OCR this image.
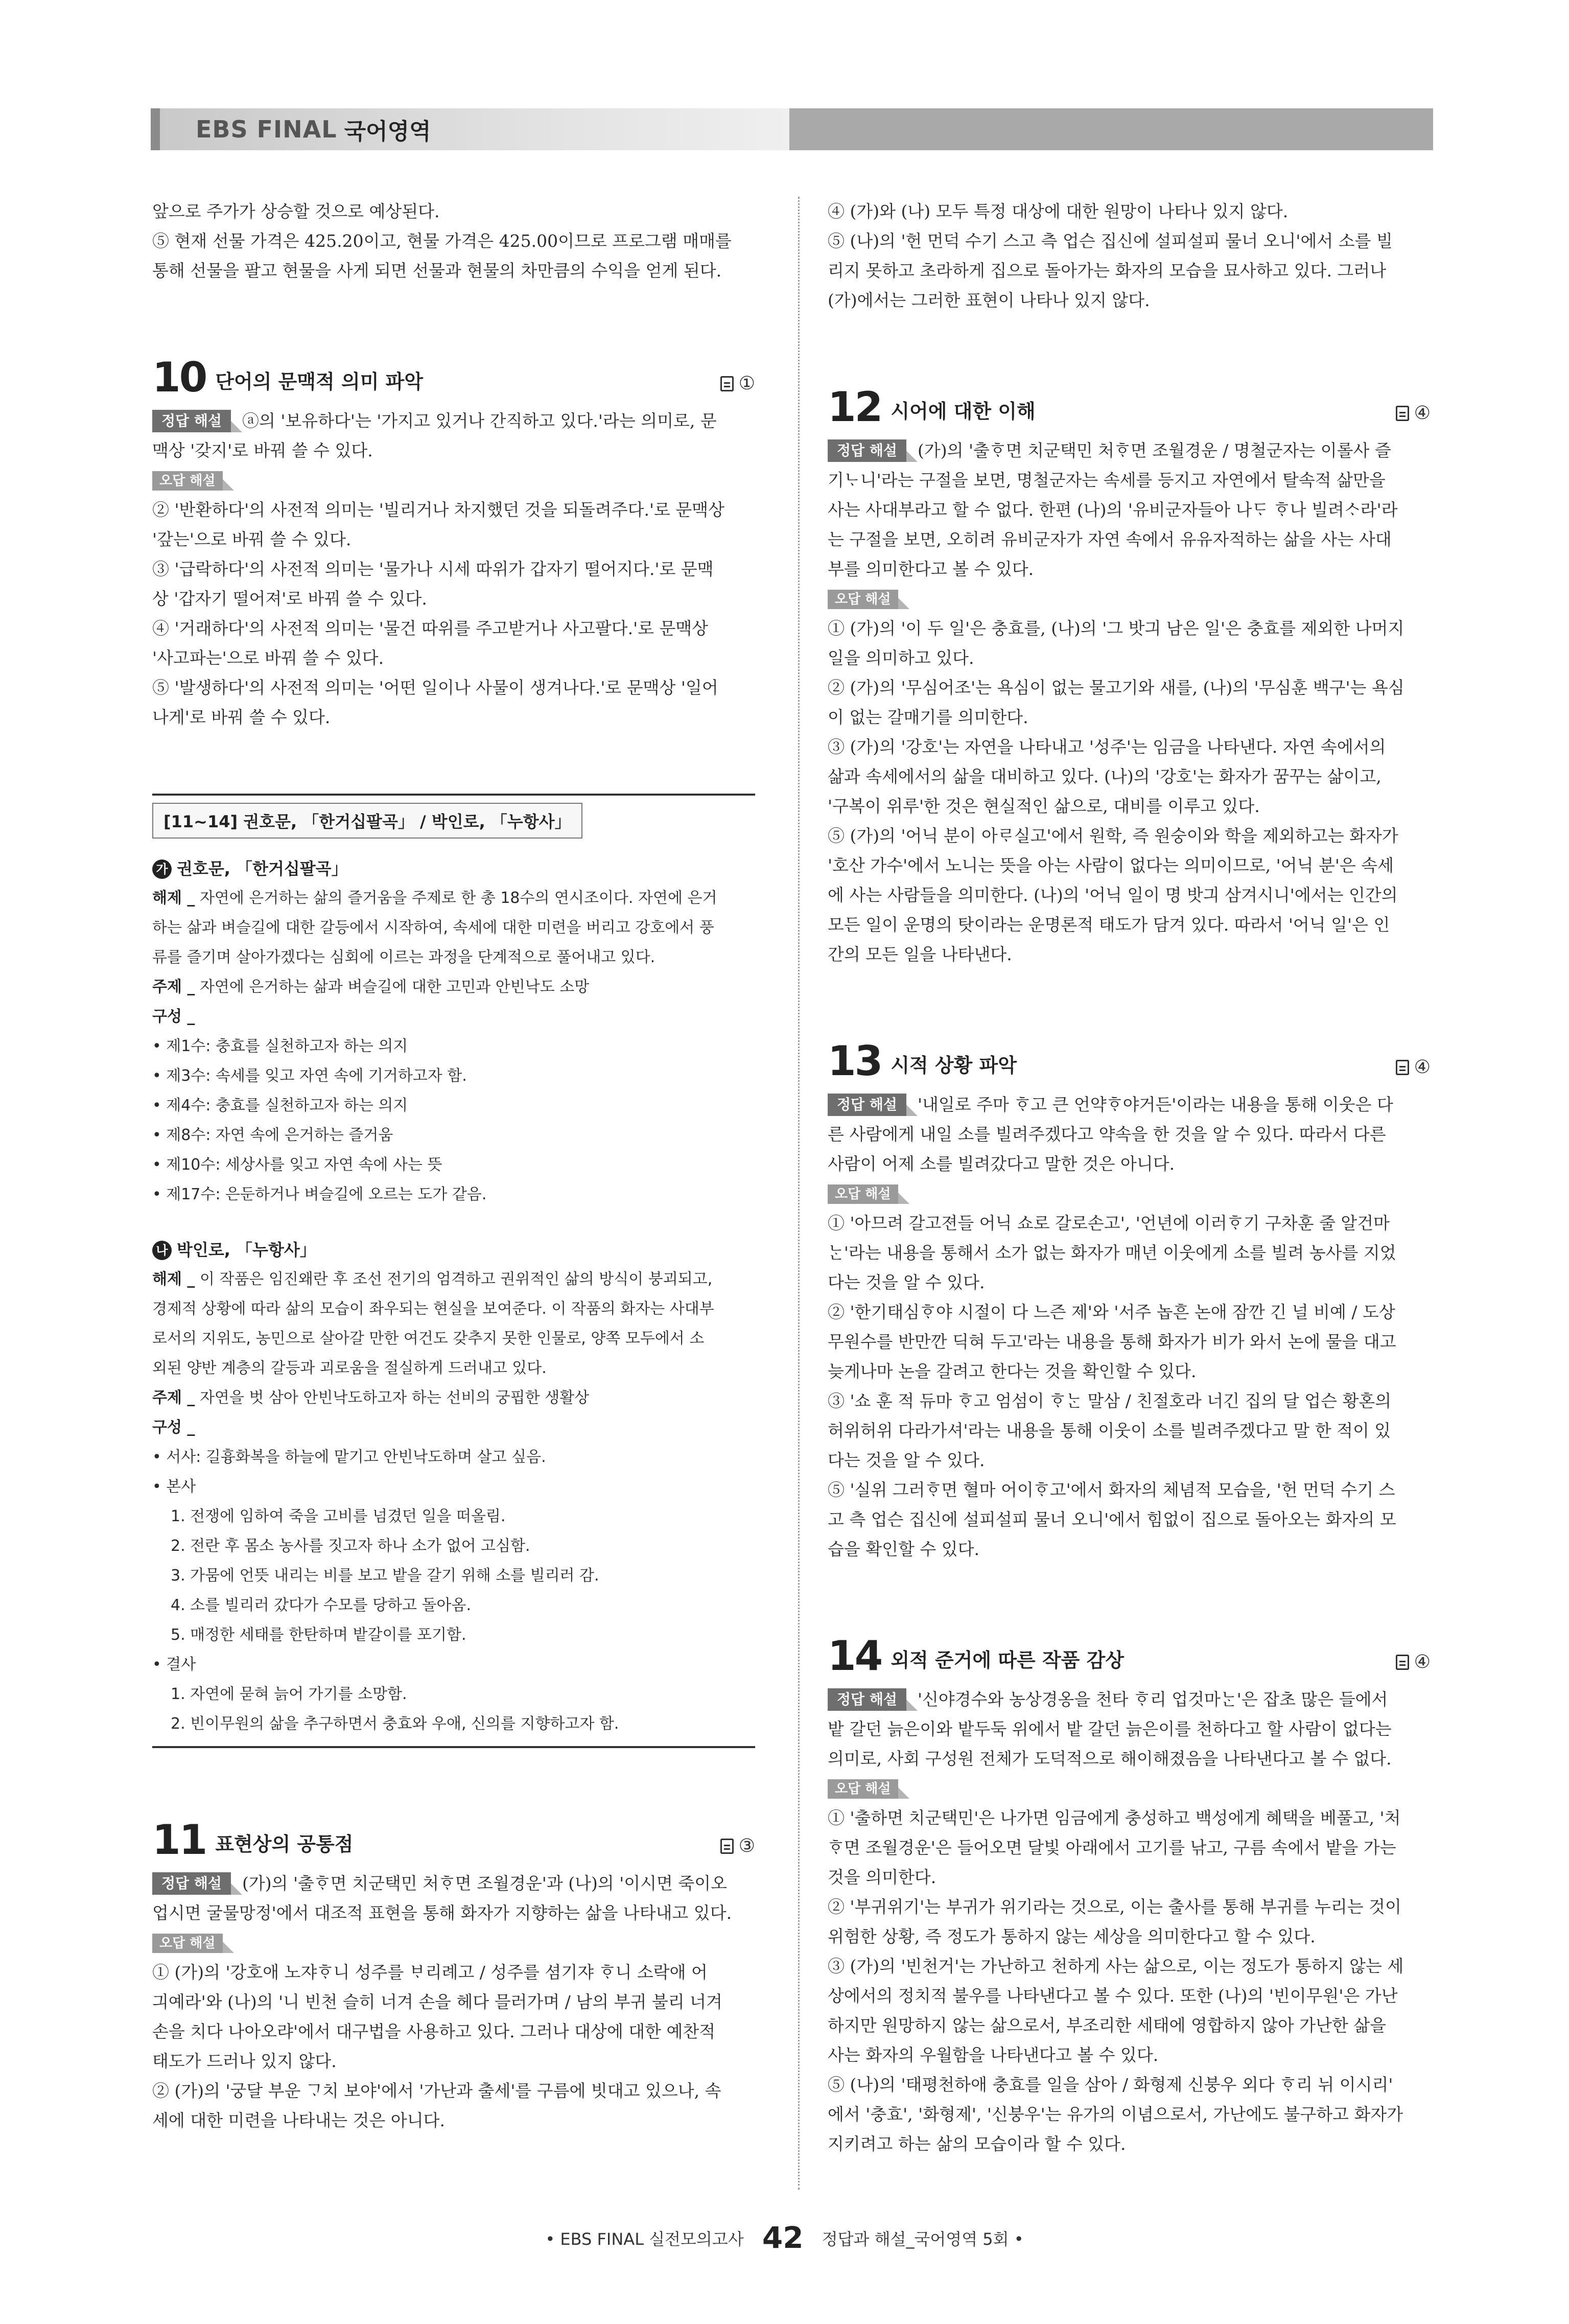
EBS FINAL 국어영역

앞으로 주가가 상승할 것으로 예상된다.

⑤ 현재 선물 가격은 425.20이고, 현물 가격은 425.00이므로 프로그램 매매를

통해 선물을 팔고 현물을 사게 되면 선물과 현물의 차만큼의 수익을 얻게 된다.

10 단어의 문맥적 의미 파악	①

정답 해설 ⓐ의 '보유하다'는 '가지고 있거나 간직하고 있다.'라는 의미로, 문

맥상 '갖지'로 바꿔 쓸 수 있다.

오답 해설

② '반환하다'의 사전적 의미는 '빌리거나 차지했던 것을 되돌려주다.'로 문맥상

'갚는'으로 바꿔 쓸 수 있다.

③ '급락하다'의 사전적 의미는 '물가나 시세 따위가 갑자기 떨어지다.'로 문맥

상 '갑자기 떨어져'로 바꿔 쓸 수 있다.

④ '거래하다'의 사전적 의미는 '물건 따위를 주고받거나 사고팔다.'로 문맥상

'사고파는'으로 바꿔 쓸 수 있다.

⑤ '발생하다'의 사전적 의미는 '어떤 일이나 사물이 생겨나다.'로 문맥상 '일어

나게'로 바꿔 쓸 수 있다.

[11~14] 권호문, 「한거십팔곡」 / 박인로, 「누항사」
가 권호문, 「한거십팔곡」

해제 _ 자연에 은거하는 삶의 즐거움을 주제로 한 총 18수의 연시조이다. 자연에 은거

하는 삶과 벼슬길에 대한 갈등에서 시작하여, 속세에 대한 미련을 버리고 강호에서 풍

류를 즐기며 살아가겠다는 심회에 이르는 과정을 단계적으로 풀어내고 있다.

주제 _ 자연에 은거하는 삶과 벼슬길에 대한 고민과 안빈낙도 소망

구성 _

• 제1수: 충효를 실천하고자 하는 의지

• 제3수: 속세를 잊고 자연 속에 기거하고자 함.

• 제4수: 충효를 실천하고자 하는 의지

• 제8수: 자연 속에 은거하는 즐거움

• 제10수: 세상사를 잊고 자연 속에 사는 뜻

• 제17수: 은둔하거나 벼슬길에 오르는 도가 같음.

나 박인로, 「누항사」

해제 _ 이 작품은 임진왜란 후 조선 전기의 엄격하고 권위적인 삶의 방식이 붕괴되고,

경제적 상황에 따라 삶의 모습이 좌우되는 현실을 보여준다. 이 작품의 화자는 사대부

로서의 지위도, 농민으로 살아갈 만한 여건도 갖추지 못한 인물로, 양쪽 모두에서 소

외된 양반 계층의 갈등과 괴로움을 절실하게 드러내고 있다.

주제 _ 자연을 벗 삼아 안빈낙도하고자 하는 선비의 궁핍한 생활상

구성 _

• 서사: 길흉화복을 하늘에 맡기고 안빈낙도하며 살고 싶음.

• 본사

1. 전쟁에 임하여 죽을 고비를 넘겼던 일을 떠올림.

2. 전란 후 몸소 농사를 짓고자 하나 소가 없어 고심함.

3. 가뭄에 언뜻 내리는 비를 보고 밭을 갈기 위해 소를 빌리러 감.

4. 소를 빌리러 갔다가 수모를 당하고 돌아옴.

5. 매정한 세태를 한탄하며 밭갈이를 포기함.

• 결사

1. 자연에 묻혀 늙어 가기를 소망함.

2. 빈이무원의 삶을 추구하면서 충효와 우애, 신의를 지향하고자 함.

11 표현상의 공통점	③

정답 해설 (가)의 '출ᄒᆞ면 치군택민 처ᄒᆞ면 조월경운'과 (나)의 '이시면 죽이오

업시면 굴물망정'에서 대조적 표현을 통해 화자가 지향하는 삶을 나타내고 있다.

오답 해설

① (가)의 '강호애 노쟈ᄒᆞ니 성주를 ᄇᆞ리례고 / 성주를 셤기쟈 ᄒᆞ니 소락애 어

긔예라'와 (나)의 '니 빈천 슬히 너겨 손을 헤다 믈러가며 / 남의 부귀 불리 너겨

손을 치다 나아오랴'에서 대구법을 사용하고 있다. 그러나 대상에 대한 예찬적

태도가 드러나 있지 않다.

② (가)의 '궁달 부운 ᄀᆞ치 보야'에서 '가난과 출세'를 구름에 빗대고 있으나, 속

세에 대한 미련을 나타내는 것은 아니다.

④ (가)와 (나) 모두 특정 대상에 대한 원망이 나타나 있지 않다.

⑤ (나)의 '헌 먼덕 수기 스고 측 업슨 집신에 설피설피 물너 오니'에서 소를 빌

리지 못하고 초라하게 집으로 돌아가는 화자의 모습을 묘사하고 있다. 그러나

(가)에서는 그러한 표현이 나타나 있지 않다.

12 시어에 대한 이해	④

정답 해설 (가)의 '출ᄒᆞ면 치군택민 처ᄒᆞ면 조월경운 / 명철군자는 이롤사 즐

기ᄂᆞ니'라는 구절을 보면, 명철군자는 속세를 등지고 자연에서 탈속적 삶만을

사는 사대부라고 할 수 없다. 한편 (나)의 '유비군자들아 나ᄃᆞ ᄒᆞ나 빌려ᄉᆞ라'라

는 구절을 보면, 오히려 유비군자가 자연 속에서 유유자적하는 삶을 사는 사대

부를 의미한다고 볼 수 있다.

오답 해설

① (가)의 '이 두 일'은 충효를, (나)의 '그 밧긔 남은 일'은 충효를 제외한 나머지

일을 의미하고 있다.

② (가)의 '무심어조'는 욕심이 없는 물고기와 새를, (나)의 '무심훈 백구'는 욕심

이 없는 갈매기를 의미한다.

③ (가)의 '강호'는 자연을 나타내고 '성주'는 임금을 나타낸다. 자연 속에서의

삶과 속세에서의 삶을 대비하고 있다. (나)의 '강호'는 화자가 꿈꾸는 삶이고,

'구복이 위루'한 것은 현실적인 삶으로, 대비를 이루고 있다.

⑤ (가)의 '어닉 분이 아ᄅᆞ실고'에서 원학, 즉 원숭이와 학을 제외하고는 화자가

'호산 가수'에서 노니는 뜻을 아는 사람이 없다는 의미이므로, '어닉 분'은 속세

에 사는 사람들을 의미한다. (나)의 '어닉 일이 명 밧긔 삼겨시니'에서는 인간의

모든 일이 운명의 탓이라는 운명론적 태도가 담겨 있다. 따라서 '어닉 일'은 인

간의 모든 일을 나타낸다.

13 시적 상황 파악	④

정답 해설 '내일로 주마 ᄒᆞ고 큰 언약ᄒᆞ야거든'이라는 내용을 통해 이웃은 다

른 사람에게 내일 소를 빌려주겠다고 약속을 한 것을 알 수 있다. 따라서 다른

사람이 어제 소를 빌려갔다고 말한 것은 아니다.

오답 해설

① '아므려 갈고젼들 어닉 쇼로 갈로손고', '언년에 이러ᄒᆞ기 구차훈 줄 알건마

ᄂᆞᆫ'라는 내용을 통해서 소가 없는 화자가 매년 이웃에게 소를 빌려 농사를 지었

다는 것을 알 수 있다.

② '한기태심ᄒᆞ야 시절이 다 느즌 제'와 '서주 놉흔 논애 잠깐 긴 널 비예 / 도상

무원수를 반만깐 딕혀 두고'라는 내용을 통해 화자가 비가 와서 논에 물을 대고

늦게나마 논을 갈려고 한다는 것을 확인할 수 있다.

③ '쇼 훈 적 듀마 ᄒᆞ고 엄섬이 ᄒᆞᄂᆞᆫ 말삼 / 친절호라 너긴 집의 달 업슨 황혼의

허위허위 다라가셔'라는 내용을 통해 이웃이 소를 빌려주겠다고 말 한 적이 있

다는 것을 알 수 있다.

⑤ '실위 그러ᄒᆞ면 혈마 어이ᄒᆞ고'에서 화자의 체념적 모습을, '헌 먼덕 수기 스

고 측 업슨 집신에 설피설피 물너 오니'에서 힘없이 집으로 돌아오는 화자의 모

습을 확인할 수 있다.

14 외적 준거에 따른 작품 감상	④

정답 해설 '신야경수와 농상경옹을 천타 ᄒᆞ리 업것마ᄂᆞᆫ'은 잡초 많은 들에서

밭 갈던 늙은이와 밭두둑 위에서 밭 갈던 늙은이를 천하다고 할 사람이 없다는

의미로, 사회 구성원 전체가 도덕적으로 해이해졌음을 나타낸다고 볼 수 없다.

오답 해설

① '출하면 치군택민'은 나가면 임금에게 충성하고 백성에게 혜택을 베풀고, '처

ᄒᆞ면 조월경운'은 들어오면 달빛 아래에서 고기를 낚고, 구름 속에서 밭을 가는

것을 의미한다.

② '부귀위기'는 부귀가 위기라는 것으로, 이는 출사를 통해 부귀를 누리는 것이

위험한 상황, 즉 정도가 통하지 않는 세상을 의미한다고 할 수 있다.

③ (가)의 '빈천거'는 가난하고 천하게 사는 삶으로, 이는 정도가 통하지 않는 세

상에서의 정치적 불우를 나타낸다고 볼 수 있다. 또한 (나)의 '빈이무원'은 가난

하지만 원망하지 않는 삶으로서, 부조리한 세태에 영합하지 않아 가난한 삶을

사는 화자의 우월함을 나타낸다고 볼 수 있다.

⑤ (나)의 '태평천하애 충효를 일을 삼아 / 화형제 신붕우 외다 ᄒᆞ리 뉘 이시리'

에서 '충효', '화형제', '신붕우'는 유가의 이념으로서, 가난에도 불구하고 화자가

지키려고 하는 삶의 모습이라 할 수 있다.

• EBS FINAL 실전모의고사 42 정답과 해설_국어영역 5회 •
